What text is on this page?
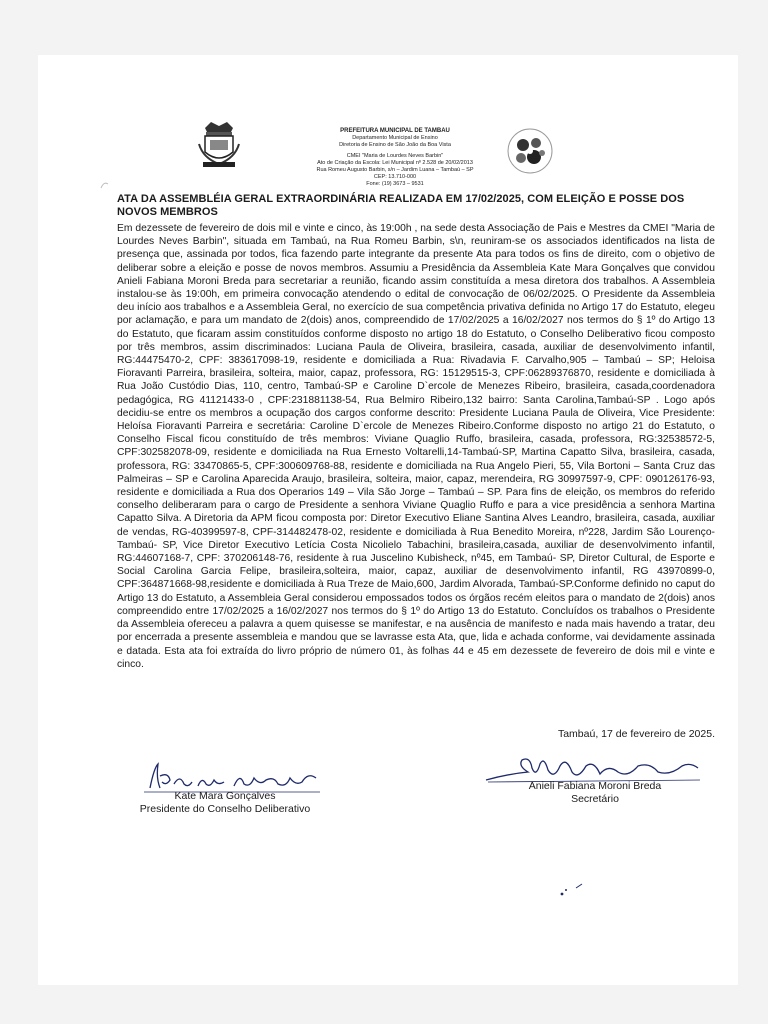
PREFEITURA MUNICIPAL DE TAMBAU
Departamento Municipal de Ensino
Diretoria de Ensino de São João da Boa Vista
CMEI "Maria de Lourdes Neves Barbin"
Ato de Criação da Escola: Lei Municipal nº 2.528 de 20/02/2013
Rua Romeu Augusto Barbin, s/n – Jardim Luana – Tambaú – SP
CEP: 13.710-000
Fone: (19) 3673 – 9531
ATA DA ASSEMBLÉIA GERAL EXTRAORDINÁRIA REALIZADA EM 17/02/2025, COM ELEIÇÃO E POSSE DOS NOVOS MEMBROS

Em dezessete de fevereiro de dois mil e vinte e cinco, às 19:00h , na sede desta Associação de Pais e Mestres da CMEI "Maria de Lourdes Neves Barbin", situada em Tambaú, na Rua Romeu Barbin, s\n, reuniram-se os associados identificados na lista de presença que, assinada por todos, fica fazendo parte integrante da presente Ata para todos os fins de direito, com o objetivo de deliberar sobre a eleição e posse de novos membros. Assumiu a Presidência da Assembleia Kate Mara Gonçalves que convidou Anieli Fabiana Moroni Breda para secretariar a reunião, ficando assim constituída a mesa diretora dos trabalhos. A Assembleia instalou-se às 19:00h, em primeira convocação atendendo o edital de convocação de 06/02/2025. O Presidente da Assembleia deu início aos trabalhos e a Assembleia Geral, no exercício de sua competência privativa definida no Artigo 17 do Estatuto, elegeu por aclamação, e para um mandato de 2(dois) anos, compreendido de 17/02/2025 a 16/02/2027 nos termos do § 1º do Artigo 13 do Estatuto, que ficaram assim constituídos conforme disposto no artigo 18 do Estatuto, o Conselho Deliberativo ficou composto por três membros, assim discriminados: Luciana Paula de Oliveira, brasileira, casada, auxiliar de desenvolvimento infantil, RG:44475470-2, CPF: 383617098-19, residente e domiciliada a Rua: Rivadavia F. Carvalho,905 – Tambaú – SP; Heloisa Fioravanti Parreira, brasileira, solteira, maior, capaz, professora, RG: 15129515-3, CPF:06289376870, residente e domiciliada à Rua João Custódio Dias, 110, centro, Tambaú-SP e Caroline D`ercole de Menezes Ribeiro, brasileira, casada,coordenadora pedagógica, RG 41121433-0 , CPF:231881138-54, Rua Belmiro Ribeiro,132 bairro: Santa Carolina,Tambaú-SP . Logo após decidiu-se entre os membros a ocupação dos cargos conforme descrito: Presidente Luciana Paula de Oliveira, Vice Presidente: Heloísa Fioravanti Parreira e secretária: Caroline D`ercole de Menezes Ribeiro.Conforme disposto no artigo 21 do Estatuto, o Conselho Fiscal ficou constituído de três membros: Viviane Quaglio Ruffo, brasileira, casada, professora, RG:32538572-5, CPF:302582078-09, residente e domiciliada na Rua Ernesto Voltarelli,14-Tambaú-SP, Martina Capatto Silva, brasileira, casada, professora, RG: 33470865-5, CPF:300609768-88, residente e domiciliada na Rua Angelo Pieri, 55, Vila Bortoni – Santa Cruz das Palmeiras – SP e Carolina Aparecida Araujo, brasileira, solteira, maior, capaz, merendeira, RG 30997597-9, CPF: 090126176-93, residente e domiciliada a Rua dos Operarios 149 – Vila São Jorge – Tambaú – SP. Para fins de eleição, os membros do referido conselho deliberaram para o cargo de Presidente a senhora Viviane Quaglio Ruffo e para a vice presidência a senhora Martina Capatto Silva. A Diretoria da APM ficou composta por: Diretor Executivo Eliane Santina Alves Leandro, brasileira, casada, auxiliar de vendas, RG-40399597-8, CPF-314482478-02, residente e domiciliada à Rua Benedito Moreira, nº228, Jardim São Lourenço- Tambaú- SP, Vice Diretor Executivo Letícia Costa Nicolielo Tabachini, brasileira,casada, auxiliar de desenvolvimento infantil, RG:44607168-7, CPF: 370206148-76, residente à rua Juscelino Kubisheck, nº45, em Tambaú- SP, Diretor Cultural, de Esporte e Social Carolina Garcia Felipe, brasileira,solteira, maior, capaz, auxiliar de desenvolvimento infantil, RG 43970899-0, CPF:364871668-98,residente e domiciliada à Rua Treze de Maio,600, Jardim Alvorada, Tambaú-SP.Conforme definido no caput do Artigo 13 do Estatuto, a Assembleia Geral considerou empossados todos os órgãos recém eleitos para o mandato de 2(dois) anos compreendido entre 17/02/2025 a 16/02/2027 nos termos do § 1º do Artigo 13 do Estatuto. Concluídos os trabalhos o Presidente da Assembleia ofereceu a palavra a quem quisesse se manifestar, e na ausência de manifesto e nada mais havendo a tratar, deu por encerrada a presente assembleia e mandou que se lavrasse esta Ata, que, lida e achada conforme, vai devidamente assinada e datada. Esta ata foi extraída do livro próprio de número 01, às folhas 44 e 45 em dezessete de fevereiro de dois mil e vinte e cinco.

Tambaú, 17 de fevereiro de 2025.
Kate Mara Gonçalves
Presidente do Conselho Deliberativo
Anieli Fabiana Moroni Breda
Secretário
